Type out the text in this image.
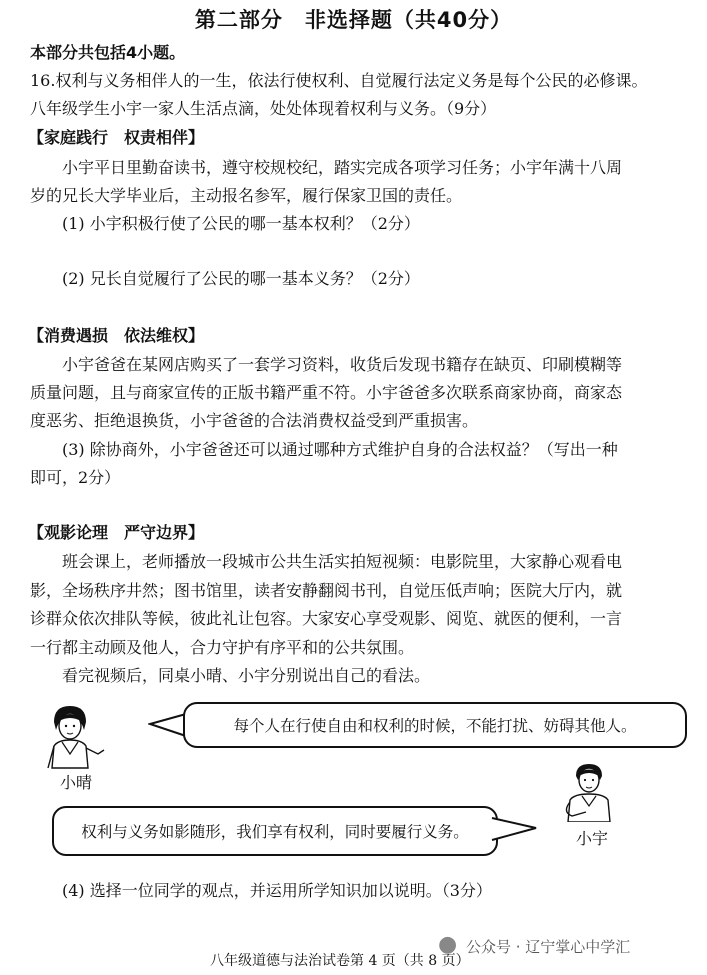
第二部分　非选择题（共40分）
本部分共包括4小题。
16.权利与义务相伴人的一生，依法行使权利、自觉履行法定义务是每个公民的必修课。
八年级学生小宇一家人生活点滴，处处体现着权利与义务。（9分）
【家庭践行　权责相伴】
小宇平日里勤奋读书，遵守校规校纪，踏实完成各项学习任务；小宇年满十八周
岁的兄长大学毕业后，主动报名参军，履行保家卫国的责任。
(1) 小宇积极行使了公民的哪一基本权利？（2分）
(2) 兄长自觉履行了公民的哪一基本义务？（2分）
【消费遇损　依法维权】
小宇爸爸在某网店购买了一套学习资料，收货后发现书籍存在缺页、印刷模糊等
质量问题，且与商家宣传的正版书籍严重不符。小宇爸爸多次联系商家协商，商家态
度恶劣、拒绝退换货，小宇爸爸的合法消费权益受到严重损害。
(3) 除协商外，小宇爸爸还可以通过哪种方式维护自身的合法权益？（写出一种
即可，2分）
【观影论理　严守边界】
班会课上，老师播放一段城市公共生活实拍短视频：电影院里，大家静心观看电
影，全场秩序井然；图书馆里，读者安静翻阅书刊，自觉压低声响；医院大厅内，就
诊群众依次排队等候，彼此礼让包容。大家安心享受观影、阅览、就医的便利，一言
一行都主动顾及他人，合力守护有序平和的公共氛围。
看完视频后，同桌小晴、小宇分别说出自己的看法。
小晴
每个人在行使自由和权利的时候，不能打扰、妨碍其他人。
小宇
权利与义务如影随形，我们享有权利，同时要履行义务。
(4) 选择一位同学的观点，并运用所学知识加以说明。（3分）
八年级道德与法治试卷第 4 页（共 8 页）
● 公众号 · 辽宁掌心中学汇
